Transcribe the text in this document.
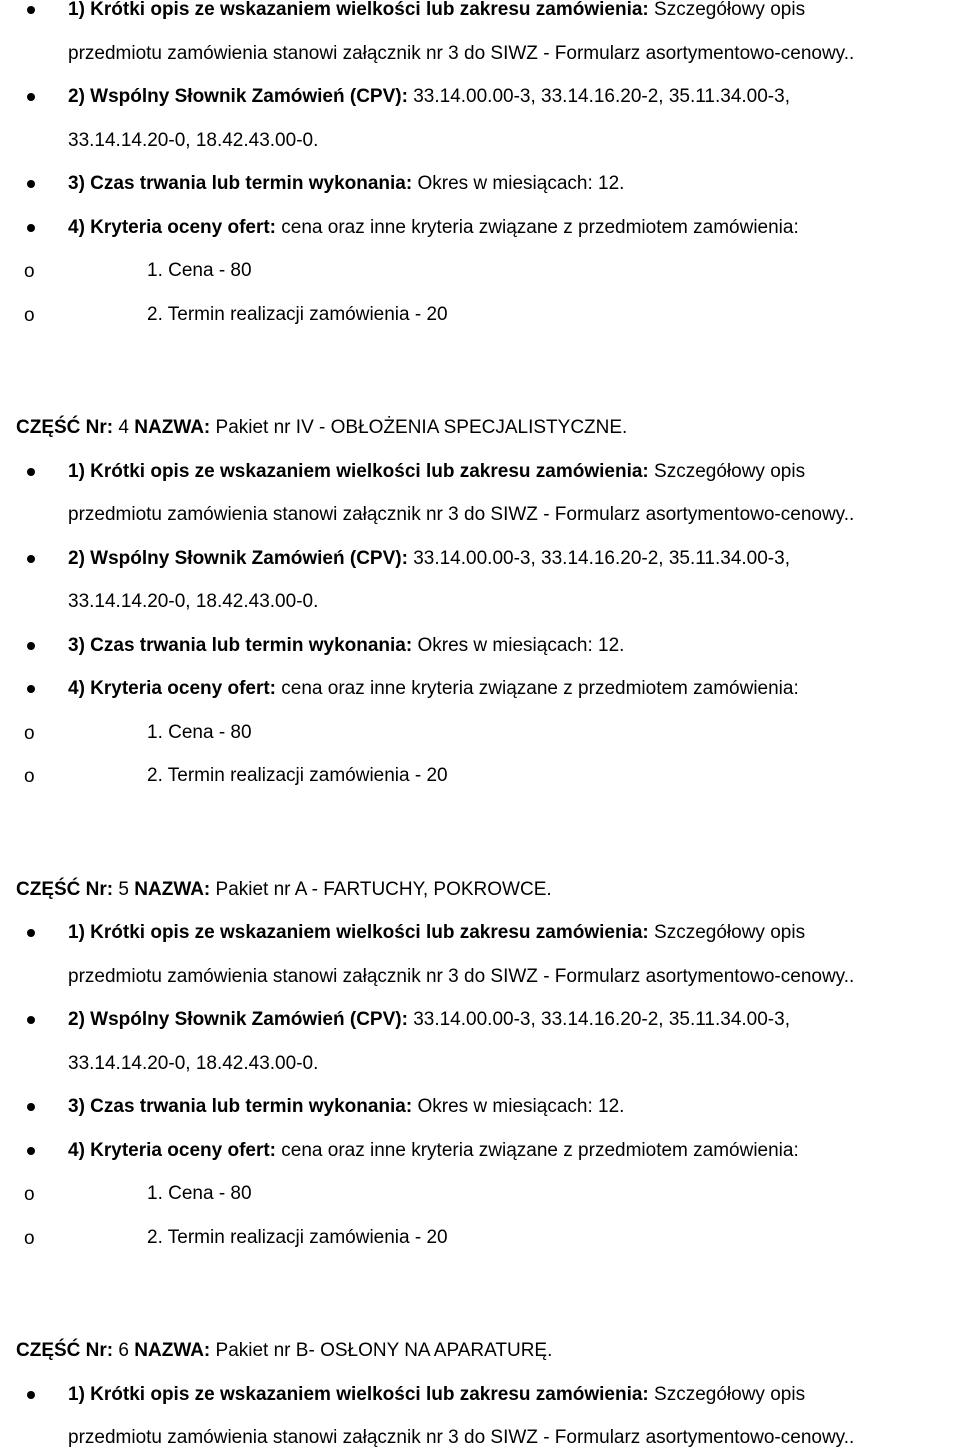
1) Krótki opis ze wskazaniem wielkości lub zakresu zamówienia: Szczegółowy opis
przedmiotu zamówienia stanowi załącznik nr 3 do SIWZ - Formularz asortymentowo-cenowy..
2) Wspólny Słownik Zamówień (CPV): 33.14.00.00-3, 33.14.16.20-2, 35.11.34.00-3,
33.14.14.20-0, 18.42.43.00-0.
3) Czas trwania lub termin wykonania: Okres w miesiącach: 12.
4) Kryteria oceny ofert: cena oraz inne kryteria związane z przedmiotem zamówienia:
o	1. Cena - 80
o	2. Termin realizacji zamówienia - 20
CZĘŚĆ Nr: 4 NAZWA: Pakiet nr IV - OBŁOŻENIA SPECJALISTYCZNE.
1) Krótki opis ze wskazaniem wielkości lub zakresu zamówienia: Szczegółowy opis
przedmiotu zamówienia stanowi załącznik nr 3 do SIWZ - Formularz asortymentowo-cenowy..
2) Wspólny Słownik Zamówień (CPV): 33.14.00.00-3, 33.14.16.20-2, 35.11.34.00-3,
33.14.14.20-0, 18.42.43.00-0.
3) Czas trwania lub termin wykonania: Okres w miesiącach: 12.
4) Kryteria oceny ofert: cena oraz inne kryteria związane z przedmiotem zamówienia:
o	1. Cena - 80
o	2. Termin realizacji zamówienia - 20
CZĘŚĆ Nr: 5 NAZWA: Pakiet nr A - FARTUCHY, POKROWCE.
1) Krótki opis ze wskazaniem wielkości lub zakresu zamówienia: Szczegółowy opis
przedmiotu zamówienia stanowi załącznik nr 3 do SIWZ - Formularz asortymentowo-cenowy..
2) Wspólny Słownik Zamówień (CPV): 33.14.00.00-3, 33.14.16.20-2, 35.11.34.00-3,
33.14.14.20-0, 18.42.43.00-0.
3) Czas trwania lub termin wykonania: Okres w miesiącach: 12.
4) Kryteria oceny ofert: cena oraz inne kryteria związane z przedmiotem zamówienia:
o	1. Cena - 80
o	2. Termin realizacji zamówienia - 20
CZĘŚĆ Nr: 6 NAZWA: Pakiet nr B- OSŁONY NA APARATURĘ.
1) Krótki opis ze wskazaniem wielkości lub zakresu zamówienia: Szczegółowy opis
przedmiotu zamówienia stanowi załącznik nr 3 do SIWZ - Formularz asortymentowo-cenowy..
